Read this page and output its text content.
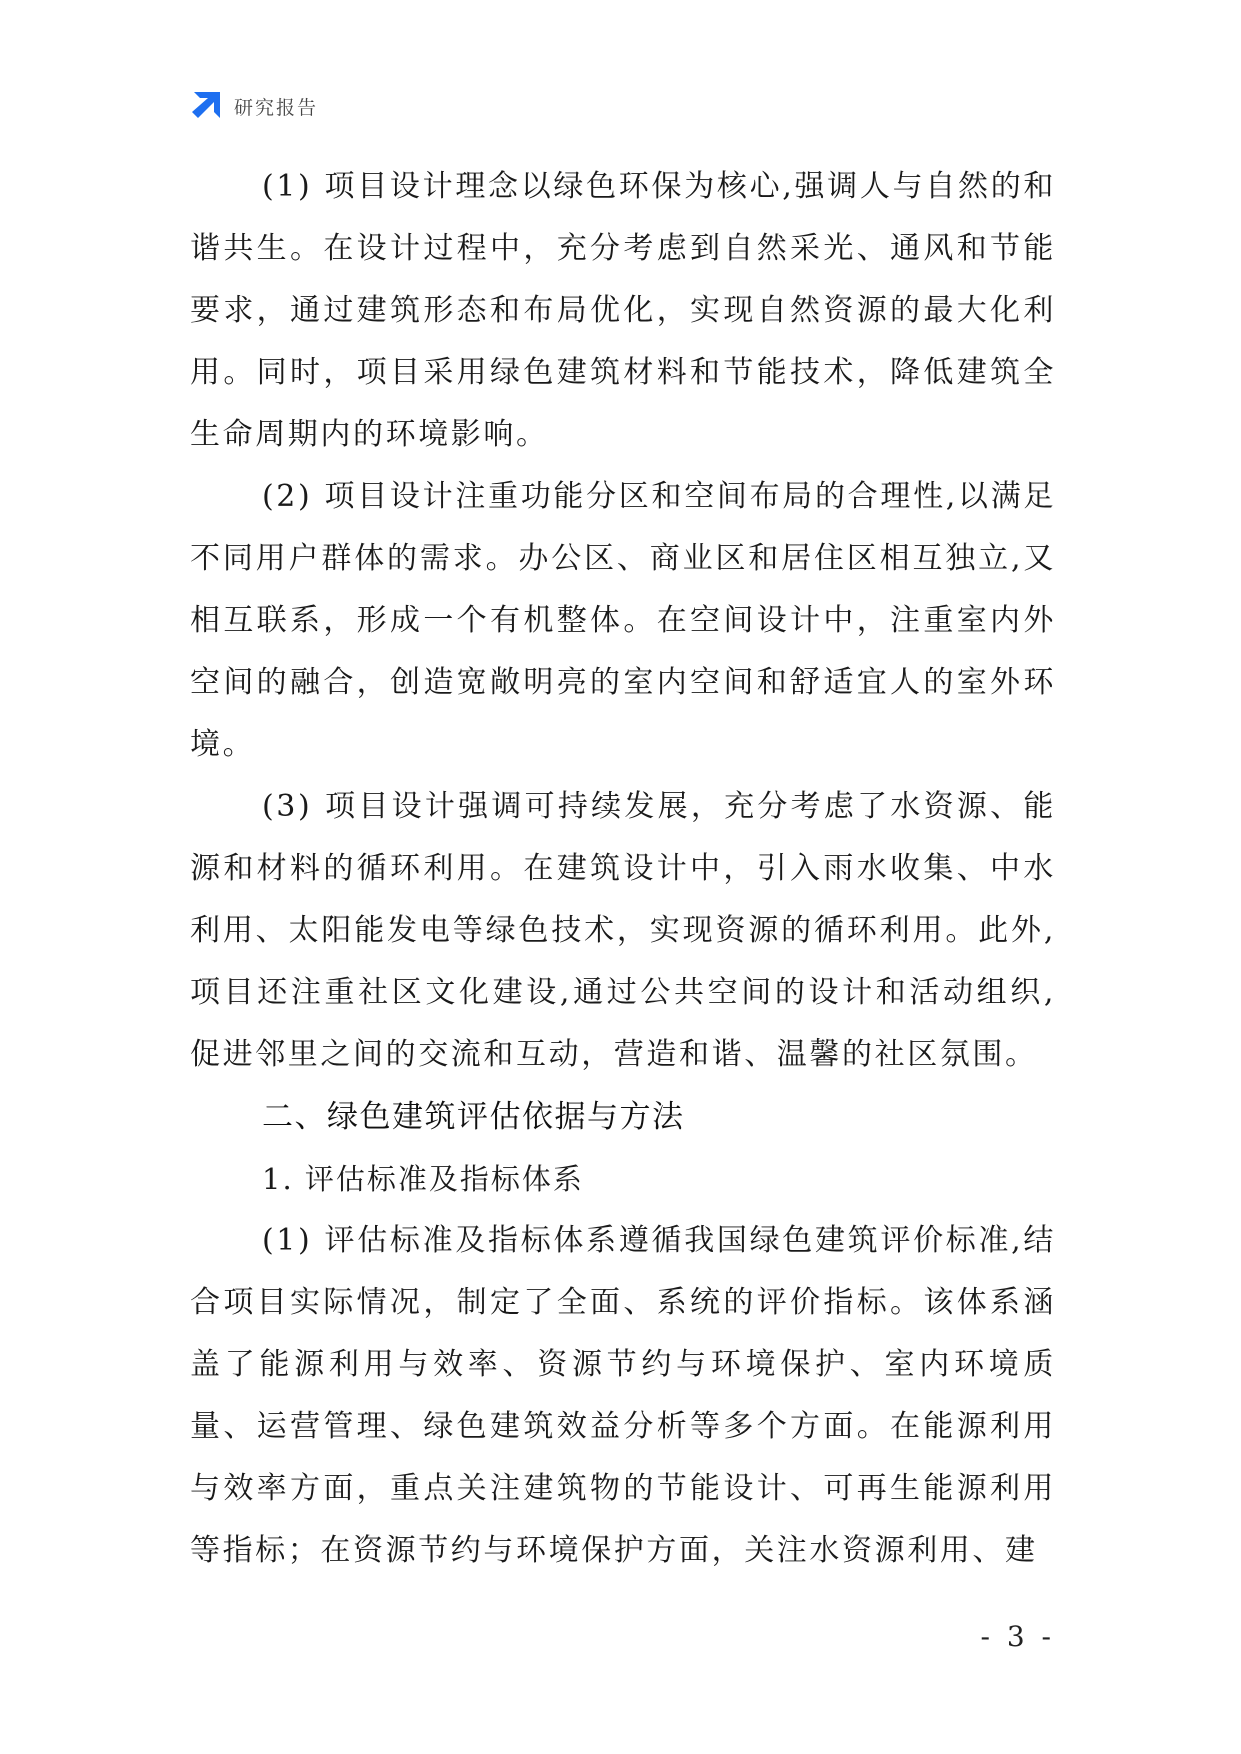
研究报告

(1) 项目设计理念以绿色环保为核心,强调人与自然的和谐共生。在设计过程中，充分考虑到自然采光、通风和节能要求，通过建筑形态和布局优化，实现自然资源的最大化利用。同时，项目采用绿色建筑材料和节能技术，降低建筑全生命周期内的环境影响。

(2) 项目设计注重功能分区和空间布局的合理性,以满足不同用户群体的需求。办公区、商业区和居住区相互独立,又相互联系，形成一个有机整体。在空间设计中，注重室内外空间的融合，创造宽敞明亮的室内空间和舒适宜人的室外环境。

(3) 项目设计强调可持续发展，充分考虑了水资源、能源和材料的循环利用。在建筑设计中，引入雨水收集、中水利用、太阳能发电等绿色技术，实现资源的循环利用。此外,项目还注重社区文化建设,通过公共空间的设计和活动组织,促进邻里之间的交流和互动，营造和谐、温馨的社区氛围。

二、绿色建筑评估依据与方法
1. 评估标准及指标体系

(1) 评估标准及指标体系遵循我国绿色建筑评价标准,结合项目实际情况，制定了全面、系统的评价指标。该体系涵盖了能源利用与效率、资源节约与环境保护、室内环境质量、运营管理、绿色建筑效益分析等多个方面。在能源利用与效率方面，重点关注建筑物的节能设计、可再生能源利用等指标；在资源节约与环境保护方面，关注水资源利用、建

- 3 -
